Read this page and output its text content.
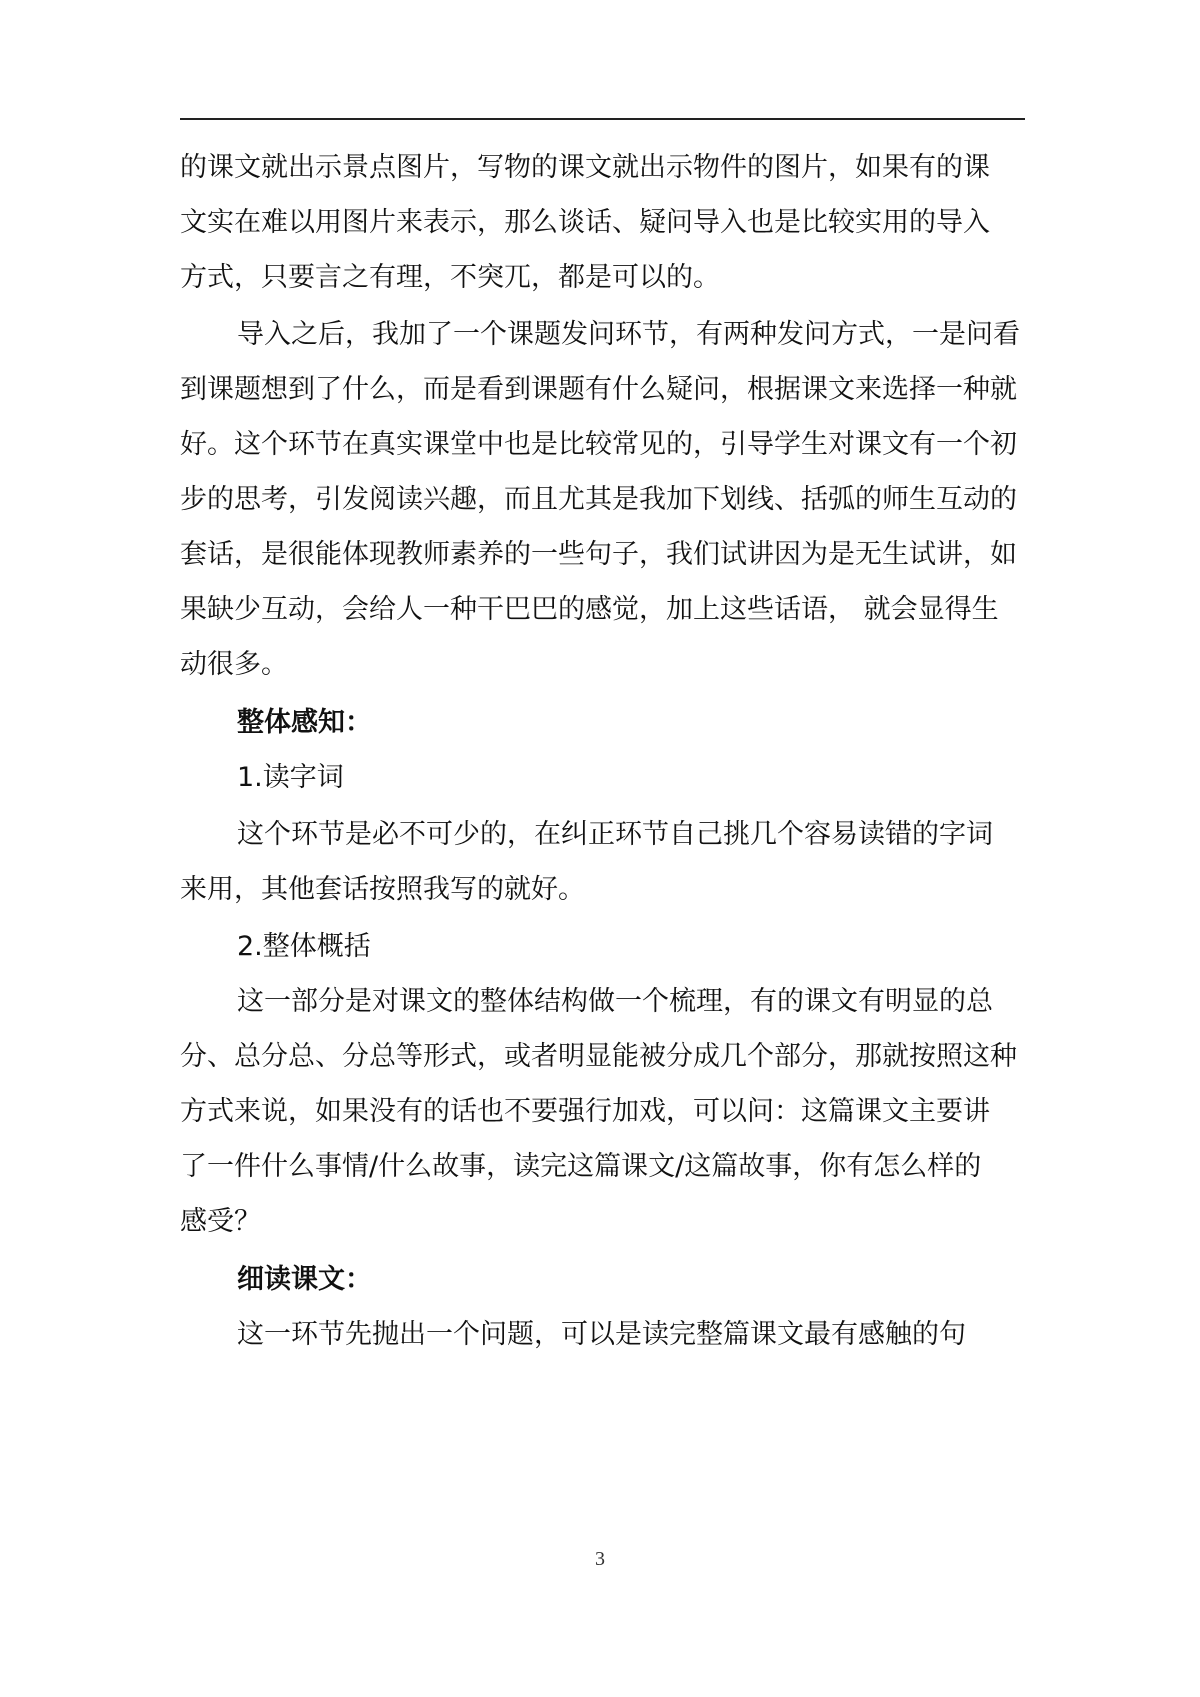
的课文就出示景点图片，写物的课文就出示物件的图片，如果有的课
文实在难以用图片来表示，那么谈话、疑问导入也是比较实用的导入
方式，只要言之有理，不突兀，都是可以的。
导入之后，我加了一个课题发问环节，有两种发问方式，一是问看
到课题想到了什么，而是看到课题有什么疑问，根据课文来选择一种就
好。这个环节在真实课堂中也是比较常见的，引导学生对课文有一个初
步的思考，引发阅读兴趣，而且尤其是我加下划线、括弧的师生互动的
套话，是很能体现教师素养的一些句子，我们试讲因为是无生试讲，如
果缺少互动，会给人一种干巴巴的感觉，加上这些话语， 就会显得生
动很多。
整体感知：
1.读字词
这个环节是必不可少的，在纠正环节自己挑几个容易读错的字词
来用，其他套话按照我写的就好。
2.整体概括
这一部分是对课文的整体结构做一个梳理，有的课文有明显的总
分、总分总、分总等形式，或者明显能被分成几个部分，那就按照这种
方式来说，如果没有的话也不要强行加戏，可以问：这篇课文主要讲
了一件什么事情/什么故事，读完这篇课文/这篇故事，你有怎么样的
感受？
细读课文：
这一环节先抛出一个问题，可以是读完整篇课文最有感触的句
3
